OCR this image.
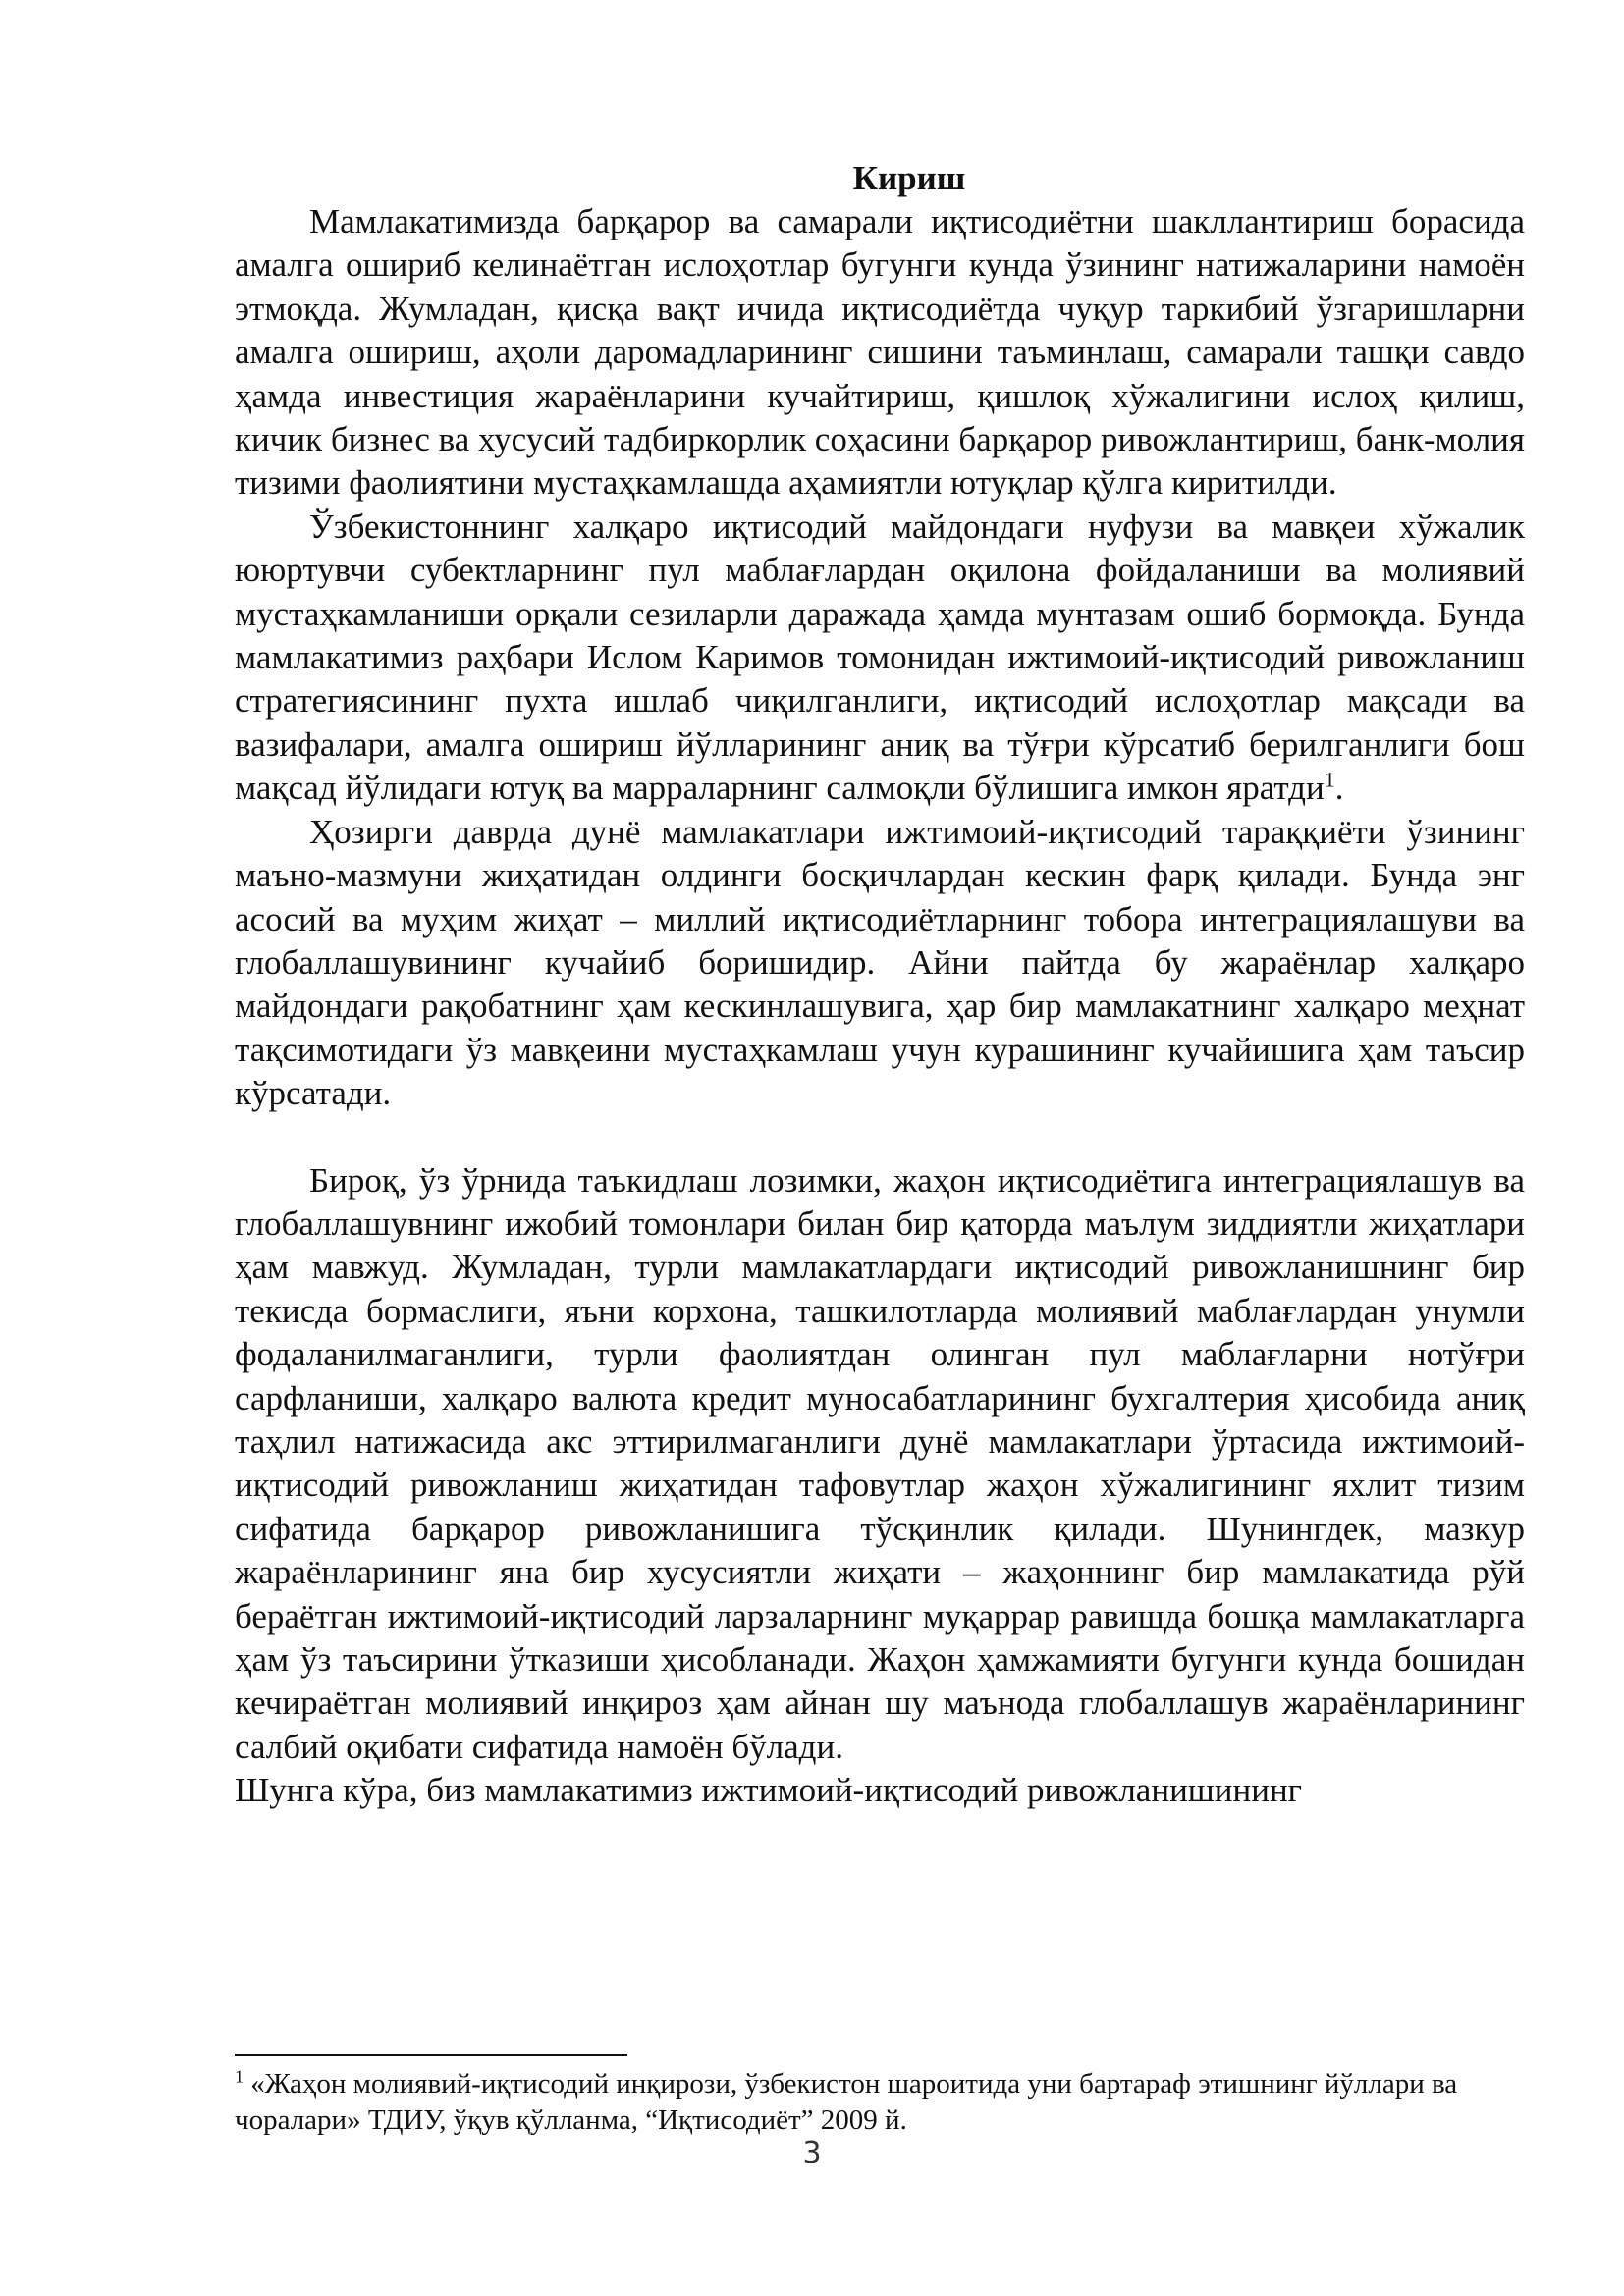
Кириш

Мамлакатимизда барқарор ва самарали иқтисодиётни шакллантириш борасида амалга ошириб келинаётган ислоҳотлар бугунги кунда ўзининг натижаларини намоён этмоқда. Жумладан, қисқа вақт ичида иқтисодиётда чуқур таркибий ўзгаришларни амалга ошириш, аҳоли даромадларининг сишини таъминлаш, самарали ташқи савдо ҳамда инвестиция жараёнларини кучайтириш, қишлоқ хўжалигини ислоҳ қилиш, кичик бизнес ва хусусий тадбиркорлик соҳасини барқарор ривожлантириш, банк-молия тизими фаолиятини мустаҳкамлашда аҳамиятли ютуқлар қўлга киритилди.

Ўзбекистоннинг халқаро иқтисодий майдондаги нуфузи ва мавқеи хўжалик ююртувчи субектларнинг пул маблағлардан оқилона фойдаланиши ва молиявий мустаҳкамланиши орқали сезиларли даражада ҳамда мунтазам ошиб бормоқда. Бунда мамлакатимиз раҳбари Ислом Каримов томонидан ижтимоий-иқтисодий ривожланиш стратегиясининг пухта ишлаб чиқилганлиги, иқтисодий ислоҳотлар мақсади ва вазифалари, амалга ошириш йўлларининг аниқ ва тўғри кўрсатиб берилганлиги бош мақсад йўлидаги ютуқ ва марраларнинг салмоқли бўлишига имкон яратди$^1$.

Ҳозирги даврда дунё мамлакатлари ижтимоий-иқтисодий тараққиёти ўзининг маъно-мазмуни жиҳатидан олдинги босқичлардан кескин фарқ қилади. Бунда энг асосий ва муҳим жиҳат – миллий иқтисодиётларнинг тобора интеграциялашуви ва глобаллашувининг кучайиб боришидир. Айни пайтда бу жараёнлар халқаро майдондаги рақобатнинг ҳам кескинлашувига, ҳар бир мамлакатнинг халқаро меҳнат тақсимотидаги ўз мавқеини мустаҳкамлаш учун курашининг кучайишига ҳам таъсир кўрсатади.

Бироқ, ўз ўрнида таъкидлаш лозимки, жаҳон иқтисодиётига интеграциялашув ва глобаллашувнинг ижобий томонлари билан бир қаторда маълум зиддиятли жиҳатлари ҳам мавжуд. Жумладан, турли мамлакатлардаги иқтисодий ривожланишнинг бир текисда бормаслиги, яъни корхона, ташкилотларда молиявий маблағлардан унумли фодаланилмаганлиги, турли фаолиятдан олинган пул маблағларни нотўғри сарфланиши, халқаро валюта кредит муносабатларининг бухгалтерия ҳисобида аниқ таҳлил натижасида акс эттирилмаганлиги дунё мамлакатлари ўртасида ижтимоий-иқтисодий ривожланиш жиҳатидан тафовутлар жаҳон хўжалигининг яхлит тизим сифатида барқарор ривожланишига тўсқинлик қилади. Шунингдек, мазкур жараёнларининг яна бир хусусиятли жиҳати – жаҳоннинг бир мамлакатида рўй бераётган ижтимоий-иқтисодий ларзаларнинг муқаррар равишда бошқа мамлакатларга ҳам ўз таъсирини ўтказиши ҳисобланади. Жаҳон ҳамжамияти бугунги кунда бошидан кечираётган молиявий инқироз ҳам айнан шу маънода глобаллашув жараёнларининг салбий оқибати сифатида намоён бўлади.

Шунга кўра, биз мамлакатимиз ижтимоий-иқтисодий ривожланишининг

$^1$ «Жаҳон молиявий-иқтисодий инқирози, ўзбекистон шароитида уни бартараф этишнинг йўллари ва чоралари» ТДИУ, ўқув қўлланма, “Иқтисодиёт” 2009 й.

3
